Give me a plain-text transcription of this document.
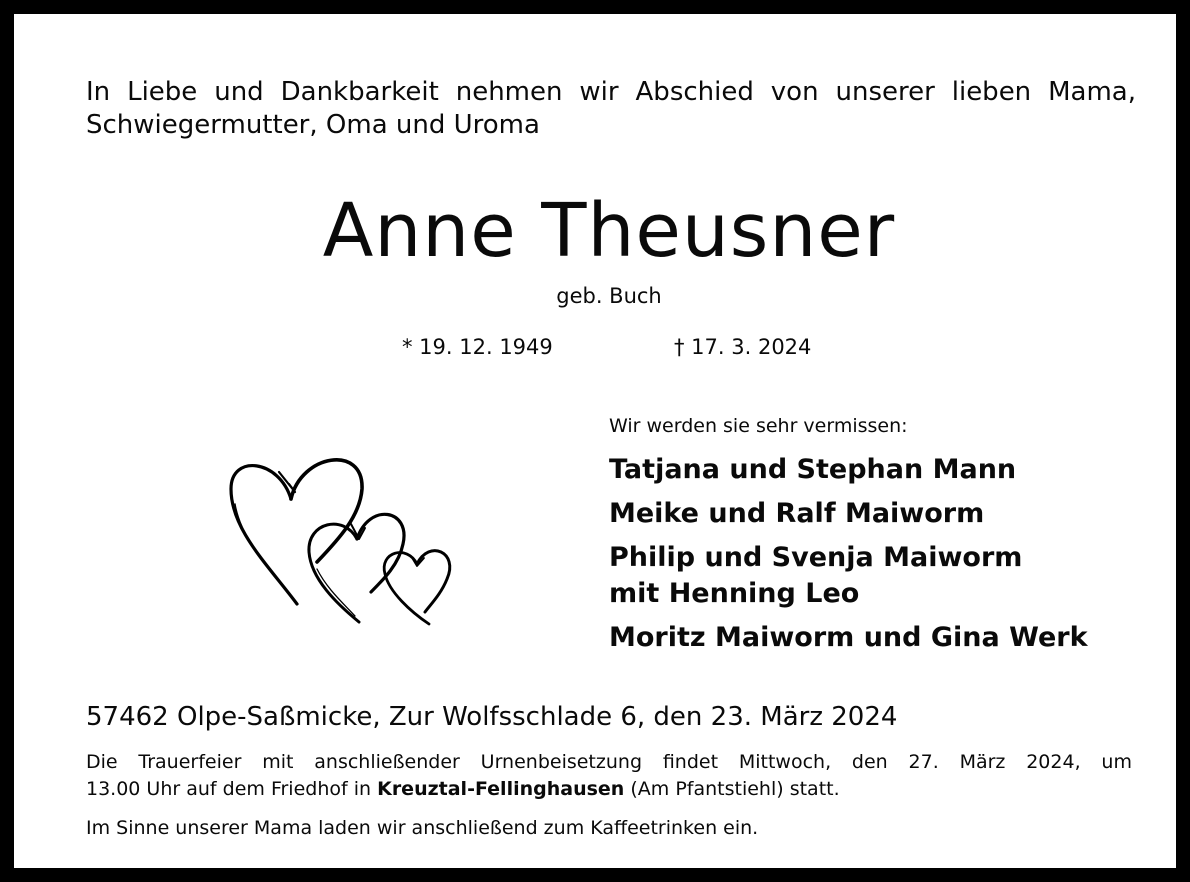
In Liebe und Dankbarkeit nehmen wir Abschied von unserer lieben Mama,
Schwiegermutter, Oma und Uroma
Anne Theusner
geb. Buch
* 19. 12. 1949	† 17. 3. 2024
Wir werden sie sehr vermissen:
Tatjana und Stephan Mann
Meike und Ralf Maiworm
Philip und Svenja Maiworm
mit Henning Leo
Moritz Maiworm und Gina Werk
57462 Olpe-Saßmicke, Zur Wolfsschlade 6, den 23. März 2024
Die Trauerfeier mit anschließender Urnenbeisetzung findet Mittwoch, den 27. März 2024, um
13.00 Uhr auf dem Friedhof in Kreuztal-Fellinghausen (Am Pfantstiehl) statt.
Im Sinne unserer Mama laden wir anschließend zum Kaffeetrinken ein.
